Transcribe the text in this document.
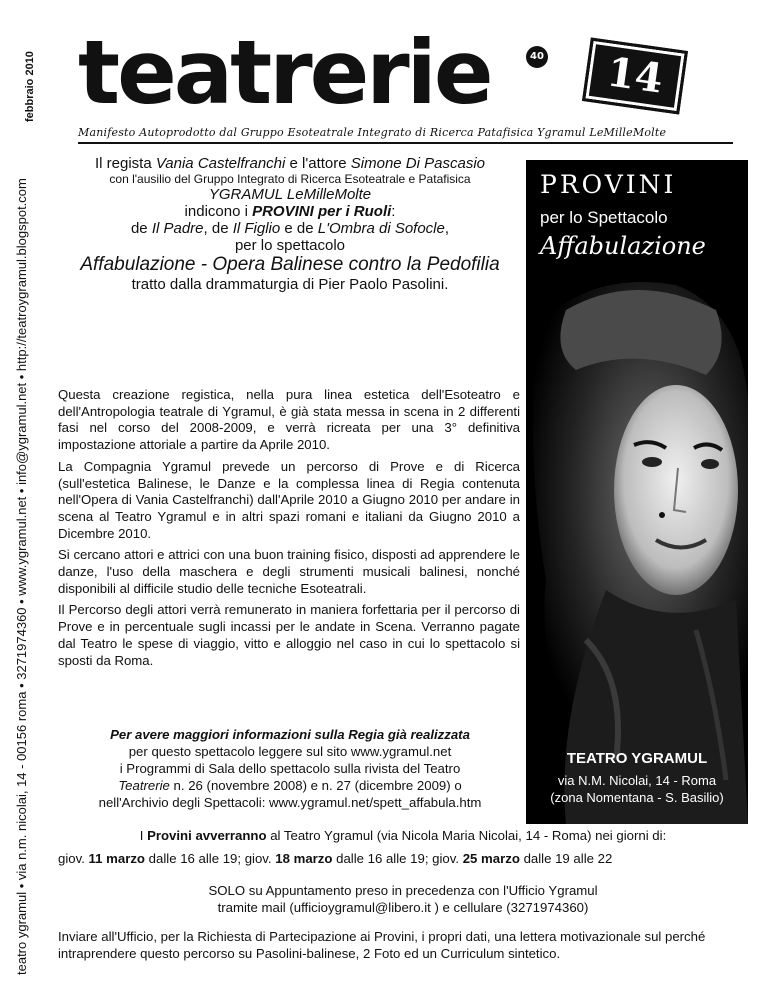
teatro ygramul • via n.m. nicolai, 14 - 00156 roma • 3271974360 • www.ygramul.net • info@ygramul.net • http://teatroygramul.blogspot.com
febbraio 2010 teatrerie	40	14
Manifesto Autoprodotto dal Gruppo Esoteatrale Integrato di Ricerca Patafisica Ygramul LeMilleMolte

Il regista Vania Castelfranchi e l'attore Simone Di Pascasio

con l'ausilio del Gruppo Integrato di Ricerca Esoteatrale e Patafisica

YGRAMUL LeMilleMolte

indicono i PROVINI per i Ruoli:

de Il Padre, de Il Figlio e de L'Ombra di Sofocle,

per lo spettacolo

Affabulazione - Opera Balinese contro la Pedofilia

tratto dalla drammaturgia di Pier Paolo Pasolini.

Questa creazione registica, nella pura linea estetica dell'Esoteatro e dell'Antropologia teatrale di Ygramul, è già stata messa in scena in 2 differenti fasi nel corso del 2008-2009, e verrà ricreata per una 3° definitiva impostazione attoriale a partire da Aprile 2010.

La Compagnia Ygramul prevede un percorso di Prove e di Ricerca (sull'estetica Balinese, le Danze e la complessa linea di Regia contenuta nell'Opera di Vania Castelfranchi) dall'Aprile 2010 a Giugno 2010 per andare in scena al Teatro Ygramul e in altri spazi romani e italiani da Giugno 2010 a Dicembre 2010.

Si cercano attori e attrici con una buon training fisico, disposti ad apprendere le danze, l'uso della maschera e degli strumenti musicali balinesi, nonché disponibili al difficile studio delle tecniche Esoteatrali.

Il Percorso degli attori verrà remunerato in maniera forfettaria per il percorso di Prove e in percentuale sugli incassi per le andate in Scena. Verranno pagate dal Teatro le spese di viaggio, vitto e alloggio nel caso in cui lo spettacolo si sposti da Roma.

Per avere maggiori informazioni sulla Regia già realizzata

per questo spettacolo leggere sul sito www.ygramul.net

i Programmi di Sala dello spettacolo sulla rivista del Teatro

Teatrerie n. 26 (novembre 2008) e n. 27 (dicembre 2009) o

nell'Archivio degli Spettacoli: www.ygramul.net/spett_affabula.htm

PROVINI
per lo Spettacolo
Affabulazione
TEATRO YGRAMUL
via N.M. Nicolai, 14 - Roma
(zona Nomentana - S. Basilio)

I Provini avverranno al Teatro Ygramul (via Nicola Maria Nicolai, 14 - Roma) nei giorni di:

giov. 11 marzo dalle 16 alle 19; giov. 18 marzo dalle 16 alle 19; giov. 25 marzo dalle 19 alle 22

SOLO su Appuntamento preso in precedenza con l'Ufficio Ygramul
tramite mail (ufficioygramul@libero.it ) e cellulare (3271974360)

Inviare all'Ufficio, per la Richiesta di Partecipazione ai Provini, i propri dati, una lettera motivazionale sul perché intraprendere questo percorso su Pasolini-balinese, 2 Foto ed un Curriculum sintetico.
